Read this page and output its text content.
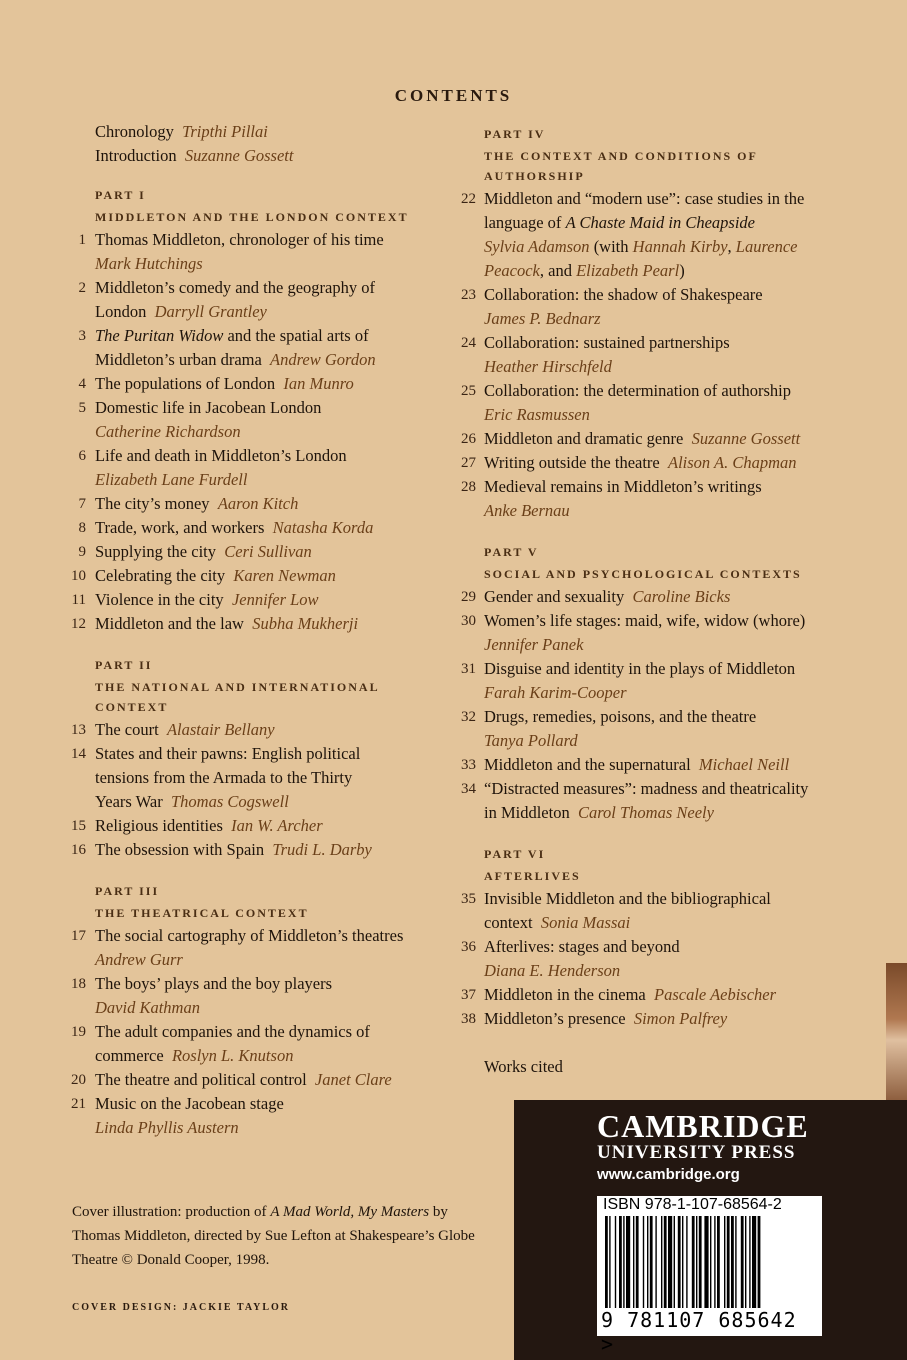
CONTENTS
Chronology  Tripthi Pillai
Introduction  Suzanne Gossett
PART I
MIDDLETON AND THE LONDON CONTEXT
1 Thomas Middleton, chronologer of his time
Mark Hutchings
2 Middleton’s comedy and the geography of
London  Darryll Grantley
3 The Puritan Widow and the spatial arts of
Middleton’s urban drama  Andrew Gordon
4 The populations of London  Ian Munro
5 Domestic life in Jacobean London
Catherine Richardson
6 Life and death in Middleton’s London
Elizabeth Lane Furdell
7 The city’s money  Aaron Kitch
8 Trade, work, and workers  Natasha Korda
9 Supplying the city  Ceri Sullivan
10 Celebrating the city  Karen Newman
11 Violence in the city  Jennifer Low
12 Middleton and the law  Subha Mukherji
PART II
THE NATIONAL AND INTERNATIONAL
CONTEXT
13 The court  Alastair Bellany
14 States and their pawns: English political
tensions from the Armada to the Thirty
Years War  Thomas Cogswell
15 Religious identities  Ian W. Archer
16 The obsession with Spain  Trudi L. Darby
PART III
THE THEATRICAL CONTEXT
17 The social cartography of Middleton’s theatres
Andrew Gurr
18 The boys’ plays and the boy players
David Kathman
19 The adult companies and the dynamics of
commerce  Roslyn L. Knutson
20 The theatre and political control  Janet Clare
21 Music on the Jacobean stage
Linda Phyllis Austern
PART IV
THE CONTEXT AND CONDITIONS OF
AUTHORSHIP
22 Middleton and “modern use”: case studies in the
language of A Chaste Maid in Cheapside
Sylvia Adamson (with Hannah Kirby, Laurence
Peacock, and Elizabeth Pearl)
23 Collaboration: the shadow of Shakespeare
James P. Bednarz
24 Collaboration: sustained partnerships
Heather Hirschfeld
25 Collaboration: the determination of authorship
Eric Rasmussen
26 Middleton and dramatic genre  Suzanne Gossett
27 Writing outside the theatre  Alison A. Chapman
28 Medieval remains in Middleton’s writings
Anke Bernau
PART V
SOCIAL AND PSYCHOLOGICAL CONTEXTS
29 Gender and sexuality  Caroline Bicks
30 Women’s life stages: maid, wife, widow (whore)
Jennifer Panek
31 Disguise and identity in the plays of Middleton
Farah Karim-Cooper
32 Drugs, remedies, poisons, and the theatre
Tanya Pollard
33 Middleton and the supernatural  Michael Neill
34 “Distracted measures”: madness and theatricality
in Middleton  Carol Thomas Neely
PART VI
AFTERLIVES
35 Invisible Middleton and the bibliographical
context  Sonia Massai
36 Afterlives: stages and beyond
Diana E. Henderson
37 Middleton in the cinema  Pascale Aebischer
38 Middleton’s presence  Simon Palfrey
Works cited
Cover illustration: production of A Mad World, My Masters by Thomas Middleton, directed by Sue Lefton at Shakespeare’s Globe Theatre © Donald Cooper, 1998.
COVER DESIGN: JACKIE TAYLOR
CAMBRIDGE
UNIVERSITY PRESS
www.cambridge.org
ISBN 978-1-107-68564-2
9 781107 685642 >
